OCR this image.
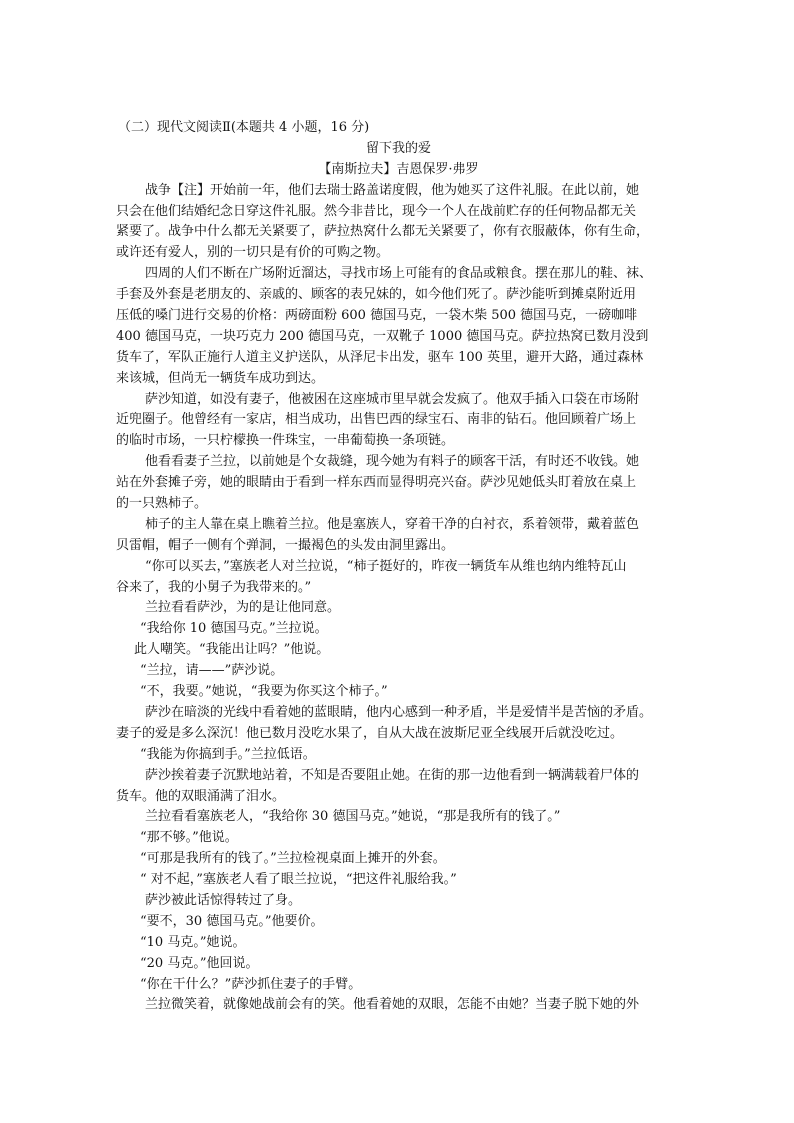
（二）现代文阅读Ⅱ(本题共 4 小题，16 分)
留下我的爱
【南斯拉夫】吉恩保罗·弗罗
战争【注】开始前一年，他们去瑞士路盖诺度假，他为她买了这件礼服。在此以前，她
只会在他们结婚纪念日穿这件礼服。然今非昔比，现今一个人在战前贮存的任何物品都无关
紧要了。战争中什么都无关紧要了，萨拉热窝什么都无关紧要了，你有衣服蔽体，你有生命，
或许还有爱人，别的一切只是有价的可购之物。
四周的人们不断在广场附近溜达，寻找市场上可能有的食品或粮食。摆在那儿的鞋、袜、
手套及外套是老朋友的、亲戚的、顾客的表兄妹的，如今他们死了。萨沙能听到摊桌附近用
压低的嗓门进行交易的价格：两磅面粉 600 德国马克，一袋木柴 500 德国马克，一磅咖啡
400 德国马克，一块巧克力 200 德国马克，一双靴子 1000 德国马克。萨拉热窝已数月没到
货车了，军队正施行人道主义护送队，从泽尼卡出发，驱车 100 英里，避开大路，通过森林
来该城，但尚无一辆货车成功到达。
萨沙知道，如没有妻子，他被困在这座城市里早就会发疯了。他双手插入口袋在市场附
近兜圈子。他曾经有一家店，相当成功，出售巴西的绿宝石、南非的钻石。他回顾着广场上
的临时市场，一只柠檬换一件珠宝，一串葡萄换一条项链。
他看看妻子兰拉，以前她是个女裁缝，现今她为有料子的顾客干活，有时还不收钱。她
站在外套摊子旁，她的眼睛由于看到一样东西而显得明亮兴奋。萨沙见她低头盯着放在桌上
的一只熟柿子。
柿子的主人靠在桌上瞧着兰拉。他是塞族人，穿着干净的白衬衣，系着领带，戴着蓝色
贝雷帽，帽子一侧有个弹洞，一撮褐色的头发由洞里露出。
“你可以买去，”塞族老人对兰拉说，“柿子挺好的，昨夜一辆货车从维也纳内维特瓦山
谷来了，我的小舅子为我带来的。”
兰拉看看萨沙，为的是让他同意。
“我给你 10 德国马克。”兰拉说。
此人嘲笑。“我能出让吗？”他说。
“兰拉，请——”萨沙说。
“不，我要。”她说，“我要为你买这个柿子。”
萨沙在暗淡的光线中看着她的蓝眼睛，他内心感到一种矛盾，半是爱情半是苦恼的矛盾。
妻子的爱是多么深沉！他已数月没吃水果了，自从大战在波斯尼亚全线展开后就没吃过。
“我能为你搞到手。”兰拉低语。
萨沙挨着妻子沉默地站着，不知是否要阻止她。在街的那一边他看到一辆满载着尸体的
货车。他的双眼涌满了泪水。
兰拉看看塞族老人，“我给你 30 德国马克。”她说，“那是我所有的钱了。”
“那不够。”他说。
“可那是我所有的钱了。”兰拉检视桌面上摊开的外套。
“ 对不起，”塞族老人看了眼兰拉说，“把这件礼服给我。”
萨沙被此话惊得转过了身。
“要不，30 德国马克。”他要价。
“10 马克。”她说。
“20 马克。”他回说。
“你在干什么？”萨沙抓住妻子的手臂。
兰拉微笑着，就像她战前会有的笑。他看着她的双眼，怎能不由她？当妻子脱下她的外
